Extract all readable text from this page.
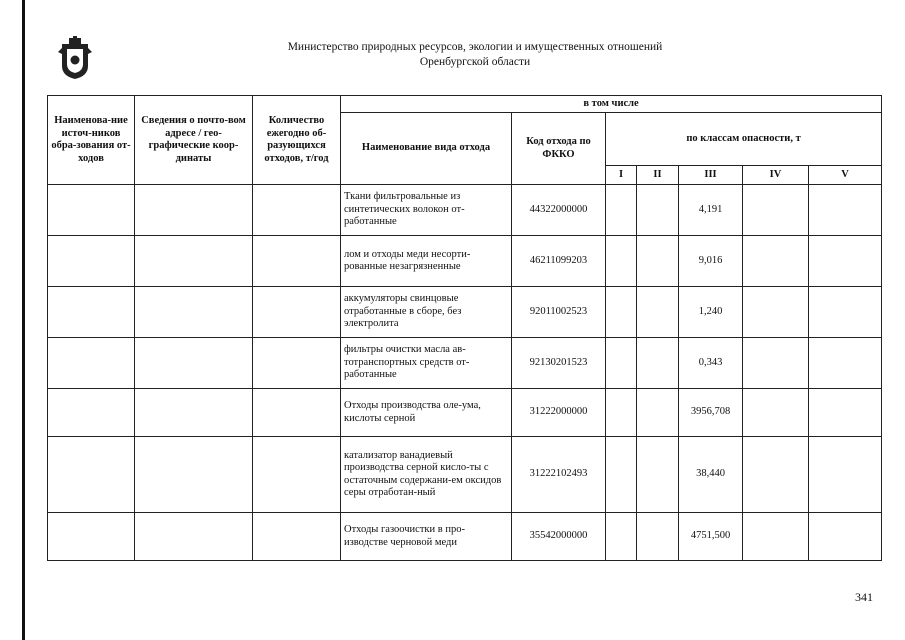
Министерство природных ресурсов, экологии и имущественных отношений
Оренбургской области
Наименова-ние источ-ников обра-зования от-ходов	Сведения о почто-вом адресе / гео-графические коор-динаты	Количество ежегодно об-разующихся отходов, т/год	в том числе						
			Наименование вида отхода	Код отхода по ФККО	по классам опасности, т				
					I	II	III	IV	V
			Ткани фильтровальные из синтетических волокон от-работанные	44322000000			4,191		
			лом и отходы меди несорти-рованные незагрязненные	46211099203			9,016		
			аккумуляторы свинцовые отработанные в сборе, без электролита	92011002523			1,240		
			фильтры очистки масла ав-тотранспортных средств от-работанные	92130201523			0,343		
			Отходы производства оле-ума, кислоты серной	31222000000			3956,708		
			катализатор ванадиевый производства серной кисло-ты с остаточным содержани-ем оксидов серы отработан-ный	31222102493			38,440		
			Отходы газоочистки в про-изводстве черновой меди	35542000000			4751,500		
341
